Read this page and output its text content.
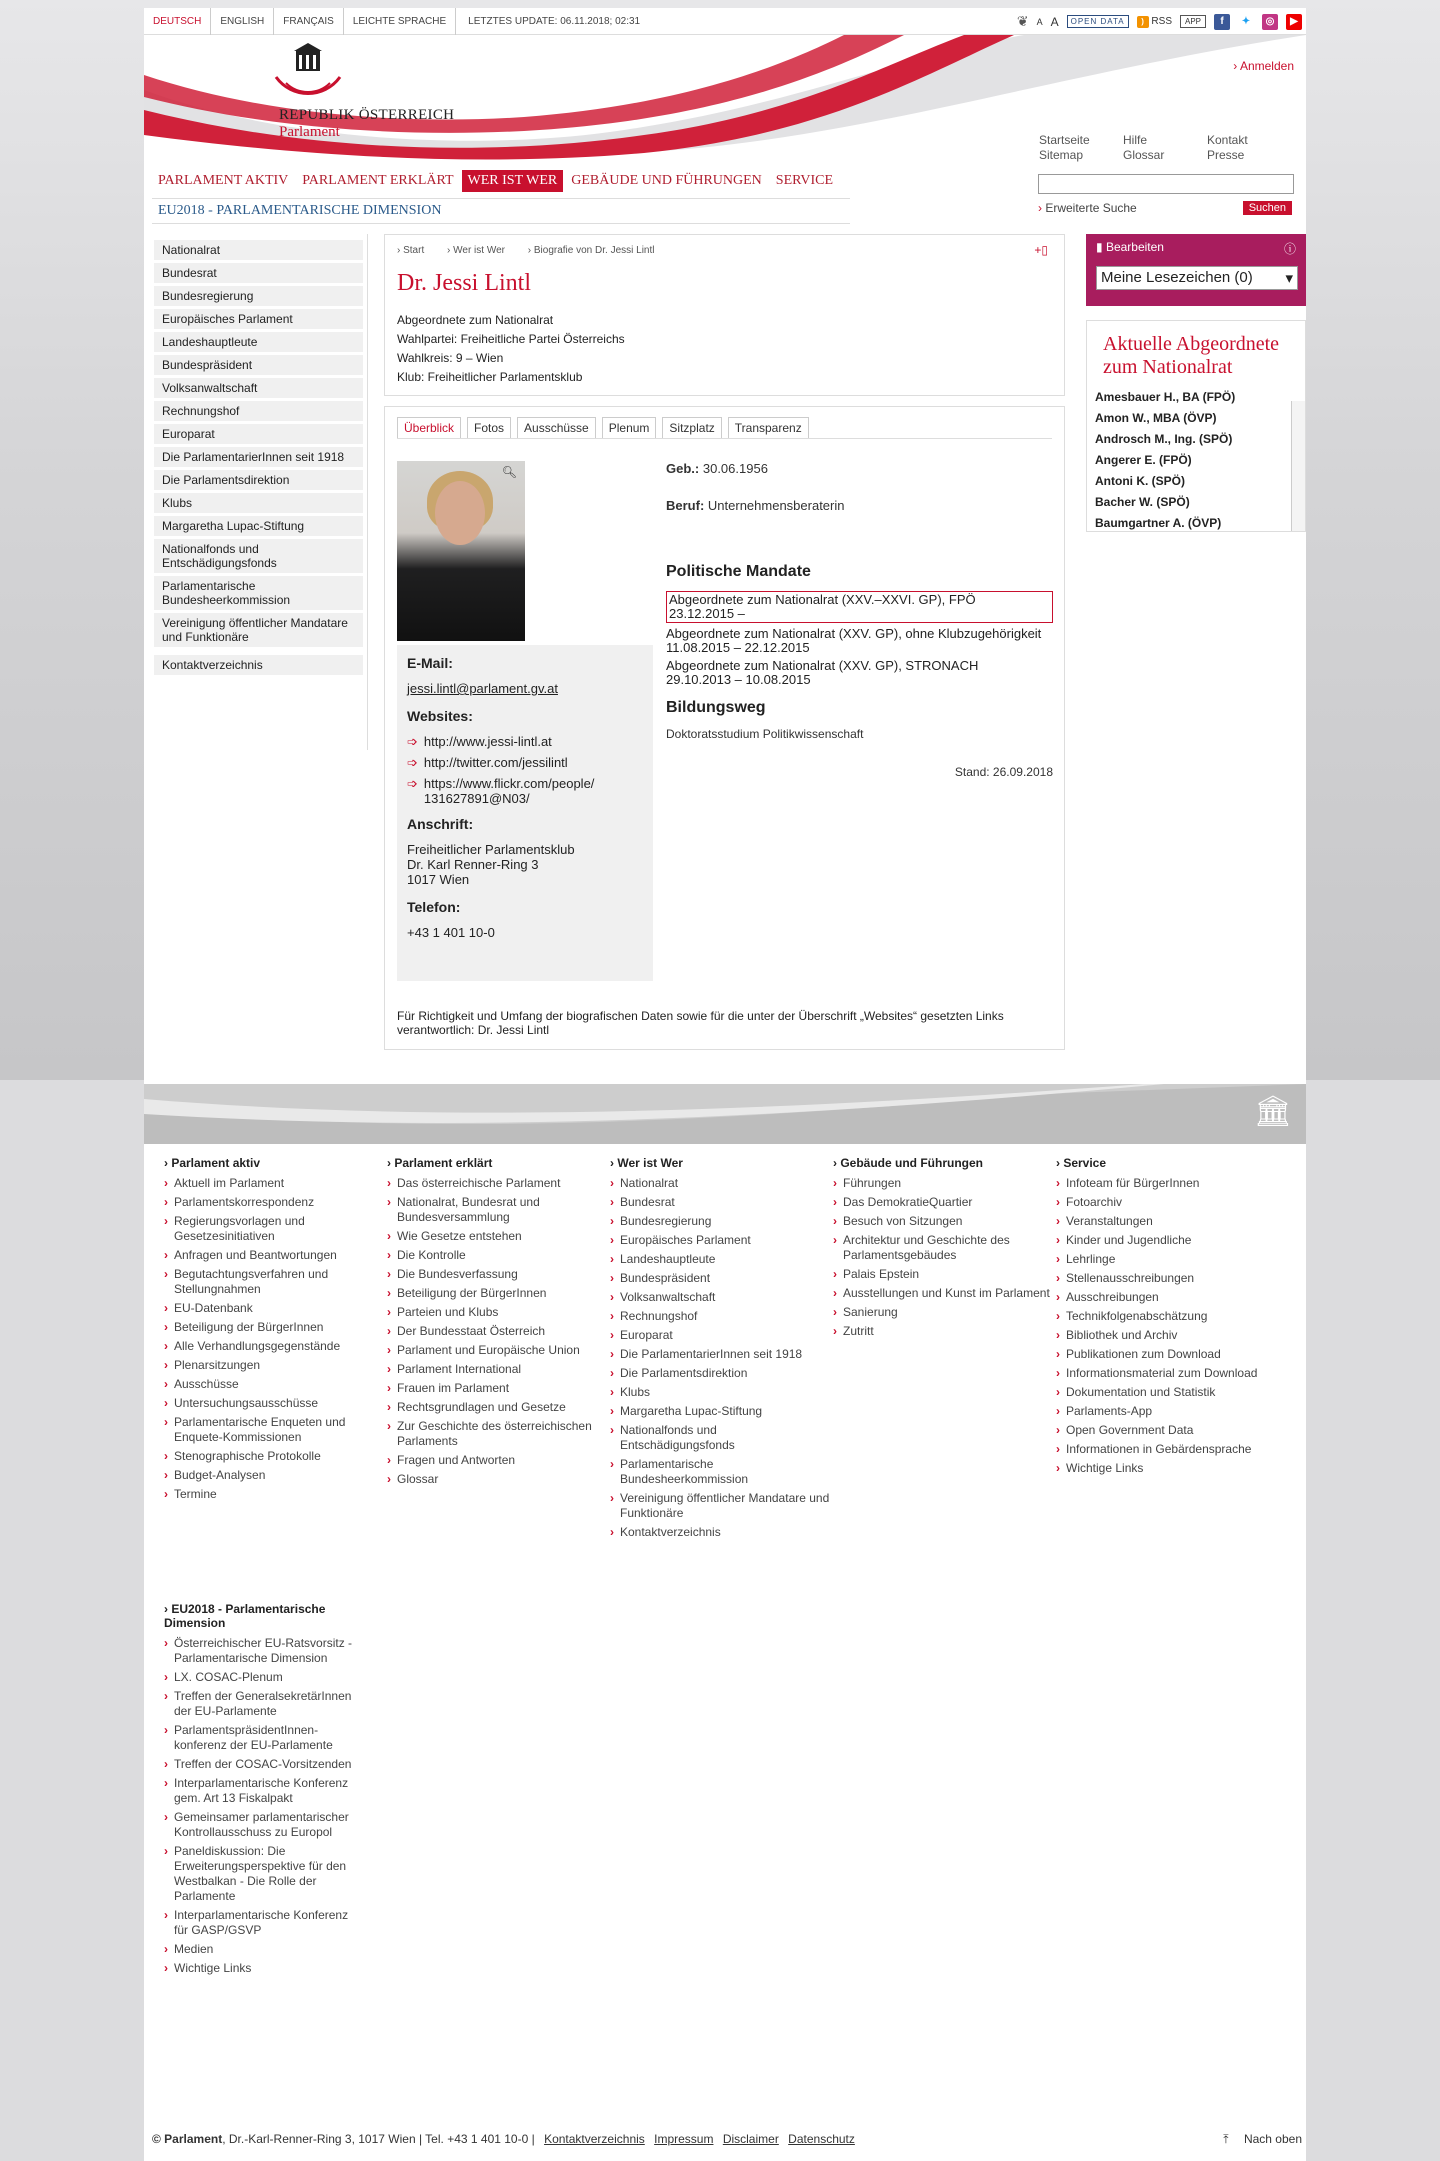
DEUTSCH	ENGLISH	FRANÇAIS	LEICHTE SPRACHE	LETZTES UPDATE: 06.11.2018; 02:31	❦ A A	OPEN DATA	) RSS	APP	f	✦	◎	▶
REPUBLIK ÖSTERREICH
Parlament
› Anmelden
Startseite	Hilfe	Kontakt
Sitemap	Glossar	Presse
PARLAMENT AKTIV	PARLAMENT ERKLÄRT	WER IST WER	GEBÄUDE UND FÜHRUNGEN	SERVICE
EU2018 - PARLAMENTARISCHE DIMENSION	› Erweiterte Suche	Suchen
Nationalrat
Bundesrat
Bundesregierung
Europäisches Parlament
Landeshauptleute
Bundespräsident
Volksanwaltschaft
Rechnungshof
Europarat
Die ParlamentarierInnen seit 1918
Die Parlamentsdirektion
Klubs
Margaretha Lupac-Stiftung
Nationalfonds und Entschädigungsfonds
Parlamentarische Bundesheerkommission
Vereinigung öffentlicher Mandatare und Funktionäre
Kontaktverzeichnis
› Start › Wer ist Wer › Biografie von Dr. Jessi Lintl	+▯
Dr. Jessi Lintl
Abgeordnete zum Nationalrat
Wahlpartei: Freiheitliche Partei Österreichs
Wahlkreis: 9 – Wien
Klub: Freiheitlicher Parlamentsklub
Überblick	Fotos	Ausschüsse	Plenum	Sitzplatz	Transparenz
🔍︎
E-Mail:
jessi.lintl@parlament.gv.at
Websites:
➩ http://www.jessi-lintl.at
➩ http://twitter.com/jessilintl
➩ https://www.flickr.com/people/ 131627891@N03/
Anschrift:
Freiheitlicher Parlamentsklub
Dr. Karl Renner-Ring 3
1017 Wien
Telefon:
+43 1 401 10-0
Geb.: 30.06.1956
Beruf: Unternehmensberaterin
Politische Mandate
Abgeordnete zum Nationalrat (XXV.–XXVI. GP), FPÖ
23.12.2015 –
Abgeordnete zum Nationalrat (XXV. GP), ohne Klubzugehörigkeit
11.08.2015 – 22.12.2015
Abgeordnete zum Nationalrat (XXV. GP), STRONACH
29.10.2013 – 10.08.2015
Bildungsweg
Doktoratsstudium Politikwissenschaft
Stand: 26.09.2018
Für Richtigkeit und Umfang der biografischen Daten sowie für die unter der Überschrift „Websites“ gesetzten Links verantwortlich: Dr. Jessi Lintl
▮ Bearbeiten	ⓘ
Meine Lesezeichen (0) ▾
Aktuelle Abgeordnete zum Nationalrat
Amesbauer H., BA (FPÖ)
Amon W., MBA (ÖVP)
Androsch M., Ing. (SPÖ)
Angerer E. (FPÖ)
Antoni K. (SPÖ)
Bacher W. (SPÖ)
Baumgartner A. (ÖVP)
🏛︎
› Parlament aktiv
› Aktuell im Parlament
› Parlamentskorrespondenz
› Regierungsvorlagen und Gesetzesinitiativen
› Anfragen und Beantwortungen
› Begutachtungsverfahren und Stellungnahmen
› EU-Datenbank
› Beteiligung der BürgerInnen
› Alle Verhandlungsgegenstände
› Plenarsitzungen
› Ausschüsse
› Untersuchungsausschüsse
› Parlamentarische Enqueten und Enquete-Kommissionen
› Stenographische Protokolle
› Budget-Analysen
› Termine
› Parlament erklärt
› Das österreichische Parlament
› Nationalrat, Bundesrat und Bundesversammlung
› Wie Gesetze entstehen
› Die Kontrolle
› Die Bundesverfassung
› Beteiligung der BürgerInnen
› Parteien und Klubs
› Der Bundesstaat Österreich
› Parlament und Europäische Union
› Parlament International
› Frauen im Parlament
› Rechtsgrundlagen und Gesetze
› Zur Geschichte des österreichischen Parlaments
› Fragen und Antworten
› Glossar
› Wer ist Wer
› Nationalrat
› Bundesrat
› Bundesregierung
› Europäisches Parlament
› Landeshauptleute
› Bundespräsident
› Volksanwaltschaft
› Rechnungshof
› Europarat
› Die ParlamentarierInnen seit 1918
› Die Parlamentsdirektion
› Klubs
› Margaretha Lupac-Stiftung
› Nationalfonds und Entschädigungsfonds
› Parlamentarische Bundesheerkommission
› Vereinigung öffentlicher Mandatare und Funktionäre
› Kontaktverzeichnis
› Gebäude und Führungen
› Führungen
› Das DemokratieQuartier
› Besuch von Sitzungen
› Architektur und Geschichte des Parlamentsgebäudes
› Palais Epstein
› Ausstellungen und Kunst im Parlament
› Sanierung
› Zutritt
› Service
› Infoteam für BürgerInnen
› Fotoarchiv
› Veranstaltungen
› Kinder und Jugendliche
› Lehrlinge
› Stellenausschreibungen
› Ausschreibungen
› Technikfolgenabschätzung
› Bibliothek und Archiv
› Publikationen zum Download
› Informationsmaterial zum Download
› Dokumentation und Statistik
› Parlaments-App
› Open Government Data
› Informationen in Gebärdensprache
› Wichtige Links
› EU2018 - Parlamentarische Dimension
› Österreichischer EU-Ratsvorsitz - Parlamentarische Dimension
› LX. COSAC-Plenum
› Treffen der GeneralsekretärInnen der EU-Parlamente
› ParlamentspräsidentInnen-konferenz der EU-Parlamente
› Treffen der COSAC-Vorsitzenden
› Interparlamentarische Konferenz gem. Art 13 Fiskalpakt
› Gemeinsamer parlamentarischer Kontrollausschuss zu Europol
› Paneldiskussion: Die Erweiterungsperspektive für den Westbalkan - Die Rolle der Parlamente
› Interparlamentarische Konferenz für GASP/GSVP
› Medien
› Wichtige Links
© Parlament, Dr.-Karl-Renner-Ring 3, 1017 Wien | Tel. +43 1 401 10-0 | Kontaktverzeichnis Impressum Disclaimer Datenschutz	⤒ Nach oben
